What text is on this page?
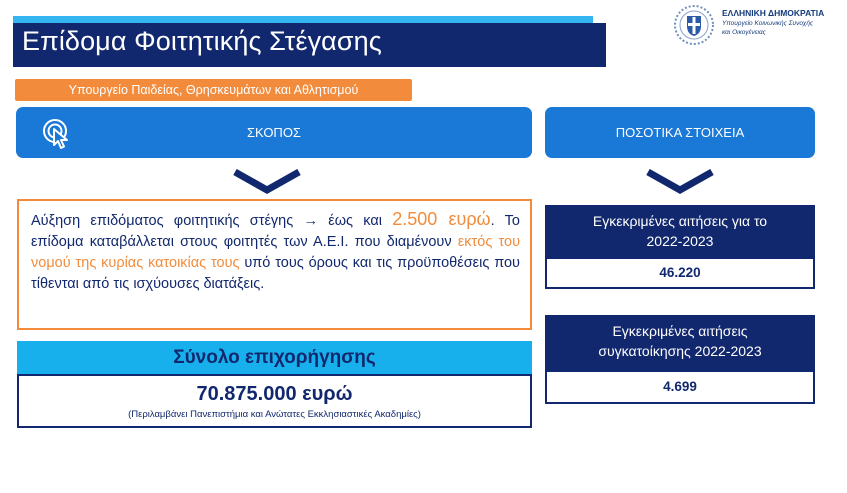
Επίδομα Φοιτητικής Στέγασης
ΕΛΛΗΝΙΚΗ ΔΗΜΟΚΡΑΤΙΑ
Υπουργείο Κοινωνικής Συνοχής
και Οικογένειας
Υπουργείο Παιδείας, Θρησκευμάτων και Αθλητισμού
ΣΚΟΠΟΣ	ΠΟΣΟΤΙΚΑ ΣΤΟΙΧΕΙΑ
Αύξηση επιδόματος φοιτητικής στέγης → έως και 2.500 ευρώ. Το επίδομα καταβάλλεται στους φοιτητές των Α.Ε.Ι. που διαμένουν εκτός του νομού της κυρίας κατοικίας τους υπό τους όρους και τις προϋποθέσεις που τίθενται από τις ισχύουσες διατάξεις.
Σύνολο επιχορήγησης
70.875.000 ευρώ
(Περιλαμβάνει Πανεπιστήμια και Ανώτατες Εκκλησιαστικές Ακαδημίες)
Εγκεκριμένες αιτήσεις για το
2022-2023
46.220
Εγκεκριμένες αιτήσεις
συγκατοίκησης 2022-2023
4.699
